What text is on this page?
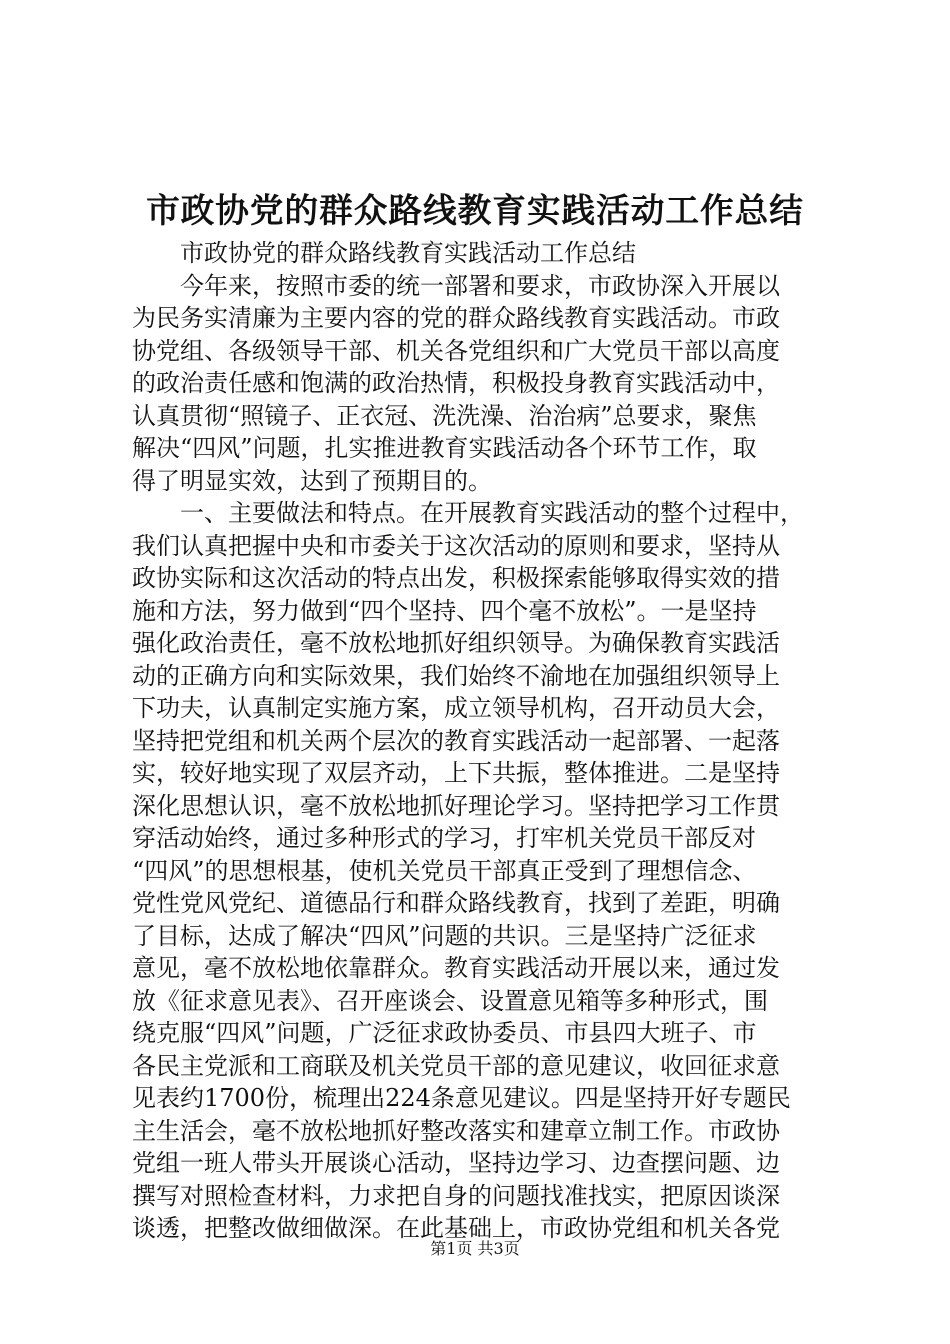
市政协党的群众路线教育实践活动工作总结
市政协党的群众路线教育实践活动工作总结
今年来，按照市委的统一部署和要求，市政协深入开展以
为民务实清廉为主要内容的党的群众路线教育实践活动。市政
协党组、各级领导干部、机关各党组织和广大党员干部以高度
的政治责任感和饱满的政治热情，积极投身教育实践活动中，
认真贯彻“照镜子、正衣冠、洗洗澡、治治病”总要求，聚焦
解决“四风”问题，扎实推进教育实践活动各个环节工作，取
得了明显实效，达到了预期目的。
一、主要做法和特点。在开展教育实践活动的整个过程中，
我们认真把握中央和市委关于这次活动的原则和要求，坚持从
政协实际和这次活动的特点出发，积极探索能够取得实效的措
施和方法，努力做到“四个坚持、四个毫不放松”。一是坚持
强化政治责任，毫不放松地抓好组织领导。为确保教育实践活
动的正确方向和实际效果，我们始终不渝地在加强组织领导上
下功夫，认真制定实施方案，成立领导机构，召开动员大会，
坚持把党组和机关两个层次的教育实践活动一起部署、一起落
实，较好地实现了双层齐动，上下共振，整体推进。二是坚持
深化思想认识，毫不放松地抓好理论学习。坚持把学习工作贯
穿活动始终，通过多种形式的学习，打牢机关党员干部反对
“四风”的思想根基，使机关党员干部真正受到了理想信念、
党性党风党纪、道德品行和群众路线教育，找到了差距，明确
了目标，达成了解决“四风”问题的共识。三是坚持广泛征求
意见，毫不放松地依靠群众。教育实践活动开展以来，通过发
放《征求意见表》、召开座谈会、设置意见箱等多种形式，围
绕克服“四风”问题，广泛征求政协委员、市县四大班子、市
各民主党派和工商联及机关党员干部的意见建议，收回征求意
见表约1700份，梳理出224条意见建议。四是坚持开好专题民
主生活会，毫不放松地抓好整改落实和建章立制工作。市政协
党组一班人带头开展谈心活动，坚持边学习、边查摆问题、边
撰写对照检查材料，力求把自身的问题找准找实，把原因谈深
谈透，把整改做细做深。在此基础上，市政协党组和机关各党
第1页 共3页
